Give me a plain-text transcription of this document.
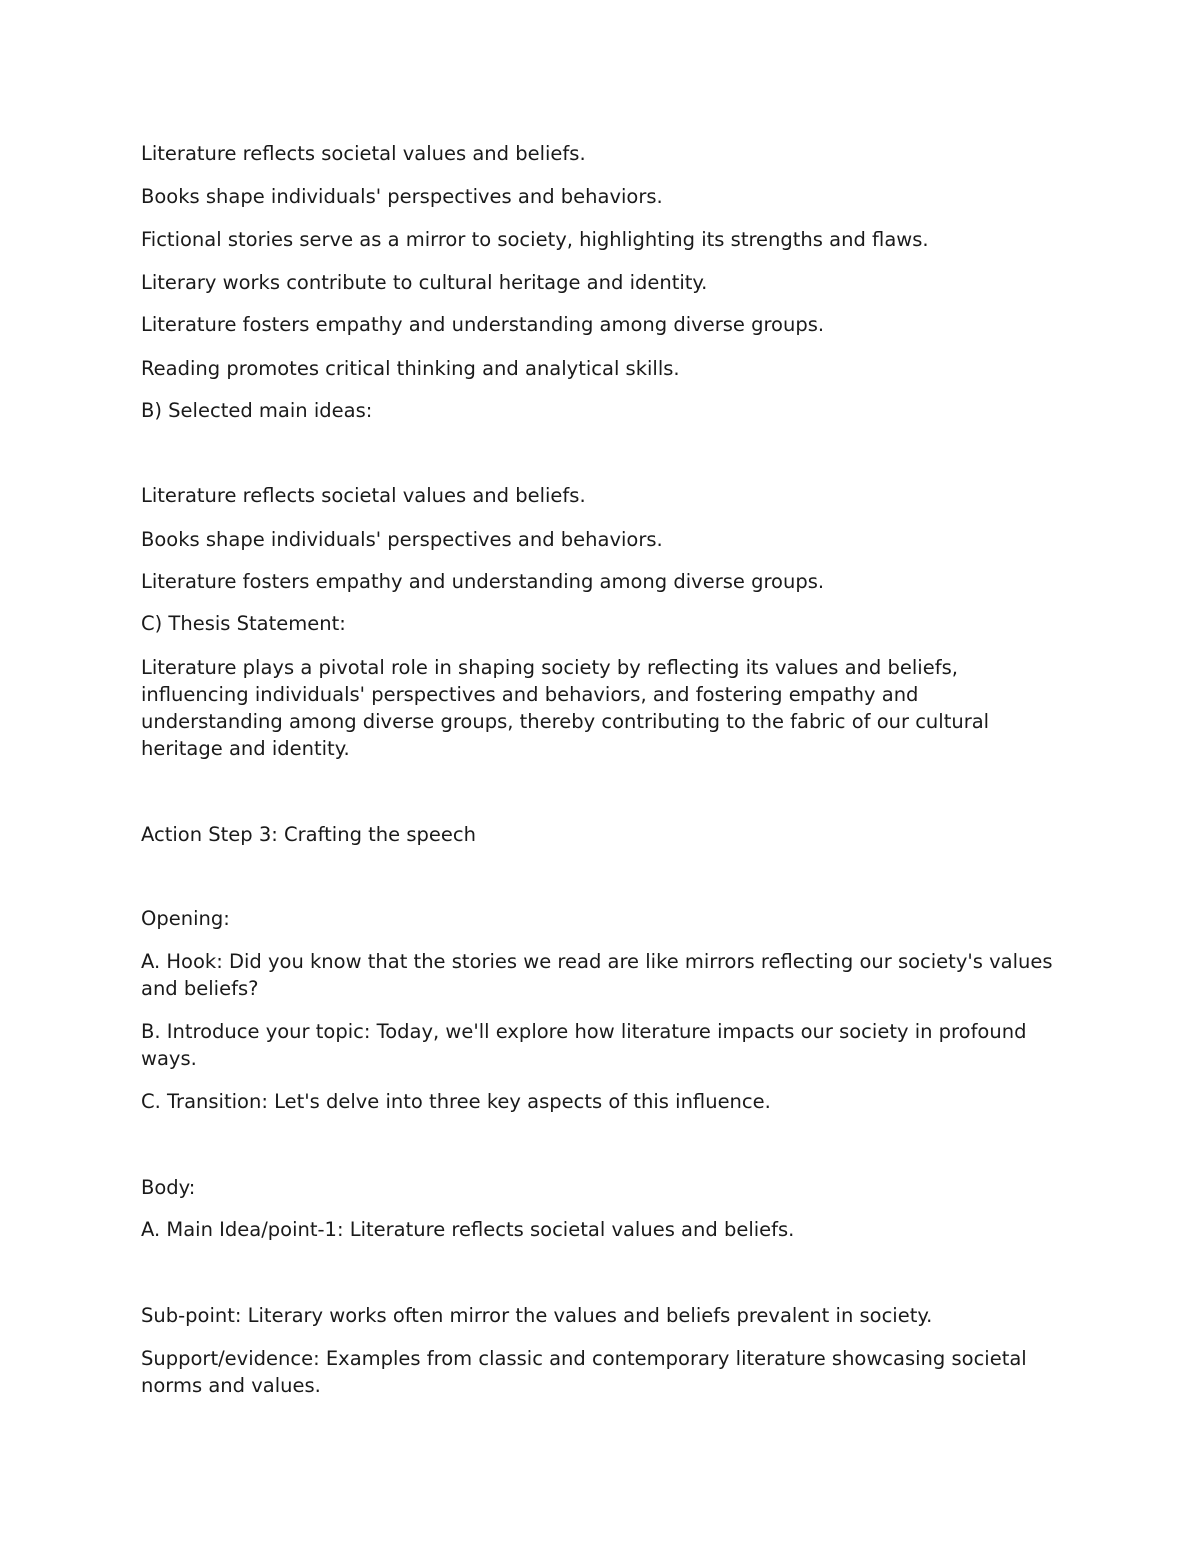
Literature reflects societal values and beliefs.

Books shape individuals' perspectives and behaviors.

Fictional stories serve as a mirror to society, highlighting its strengths and flaws.

Literary works contribute to cultural heritage and identity.

Literature fosters empathy and understanding among diverse groups.

Reading promotes critical thinking and analytical skills.

B) Selected main ideas:

Literature reflects societal values and beliefs.

Books shape individuals' perspectives and behaviors.

Literature fosters empathy and understanding among diverse groups.

C) Thesis Statement:

Literature plays a pivotal role in shaping society by reflecting its values and beliefs, influencing individuals' perspectives and behaviors, and fostering empathy and understanding among diverse groups, thereby contributing to the fabric of our cultural heritage and identity.

Action Step 3: Crafting the speech

Opening:

A. Hook: Did you know that the stories we read are like mirrors reflecting our society's values and beliefs?

B. Introduce your topic: Today, we'll explore how literature impacts our society in profound ways.

C. Transition: Let's delve into three key aspects of this influence.

Body:

A. Main Idea/point-1: Literature reflects societal values and beliefs.

Sub-point: Literary works often mirror the values and beliefs prevalent in society.

Support/evidence: Examples from classic and contemporary literature showcasing societal norms and values.
